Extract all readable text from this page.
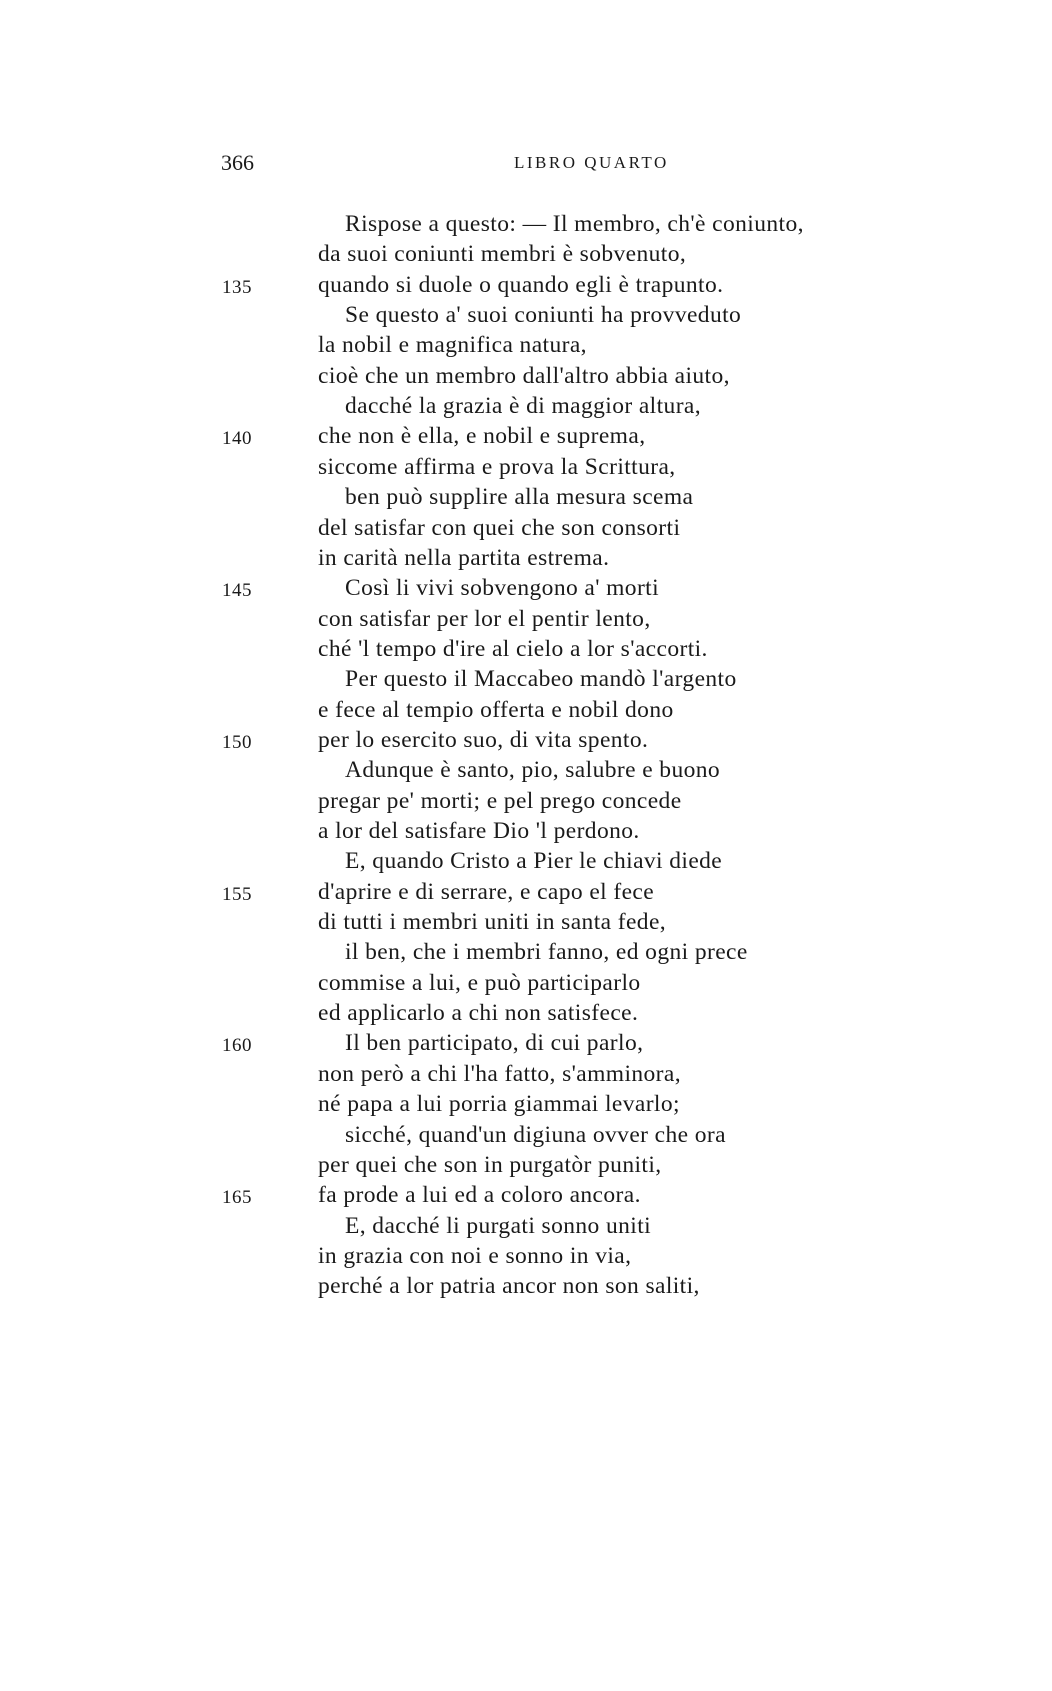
366	LIBRO QUARTO
Rispose a questo: — Il membro, ch'è coniunto,
da suoi coniunti membri è sobvenuto,
135	quando si duole o quando egli è trapunto.
Se questo a' suoi coniunti ha provveduto
la nobil e magnifica natura,
cioè che un membro dall'altro abbia aiuto,
dacché la grazia è di maggior altura,
140	che non è ella, e nobil e suprema,
siccome affirma e prova la Scrittura,
ben può supplire alla mesura scema
del satisfar con quei che son consorti
in carità nella partita estrema.
145	Così li vivi sobvengono a' morti
con satisfar per lor el pentir lento,
ché 'l tempo d'ire al cielo a lor s'accorti.
Per questo il Maccabeo mandò l'argento
e fece al tempio offerta e nobil dono
150	per lo esercito suo, di vita spento.
Adunque è santo, pio, salubre e buono
pregar pe' morti; e pel prego concede
a lor del satisfare Dio 'l perdono.
E, quando Cristo a Pier le chiavi diede
155	d'aprire e di serrare, e capo el fece
di tutti i membri uniti in santa fede,
il ben, che i membri fanno, ed ogni prece
commise a lui, e può participarlo
ed applicarlo a chi non satisfece.
160	Il ben participato, di cui parlo,
non però a chi l'ha fatto, s'amminora,
né papa a lui porria giammai levarlo;
sicché, quand'un digiuna ovver che ora
per quei che son in purgatòr puniti,
165	fa prode a lui ed a coloro ancora.
E, dacché li purgati sonno uniti
in grazia con noi e sonno in via,
perché a lor patria ancor non son saliti,
